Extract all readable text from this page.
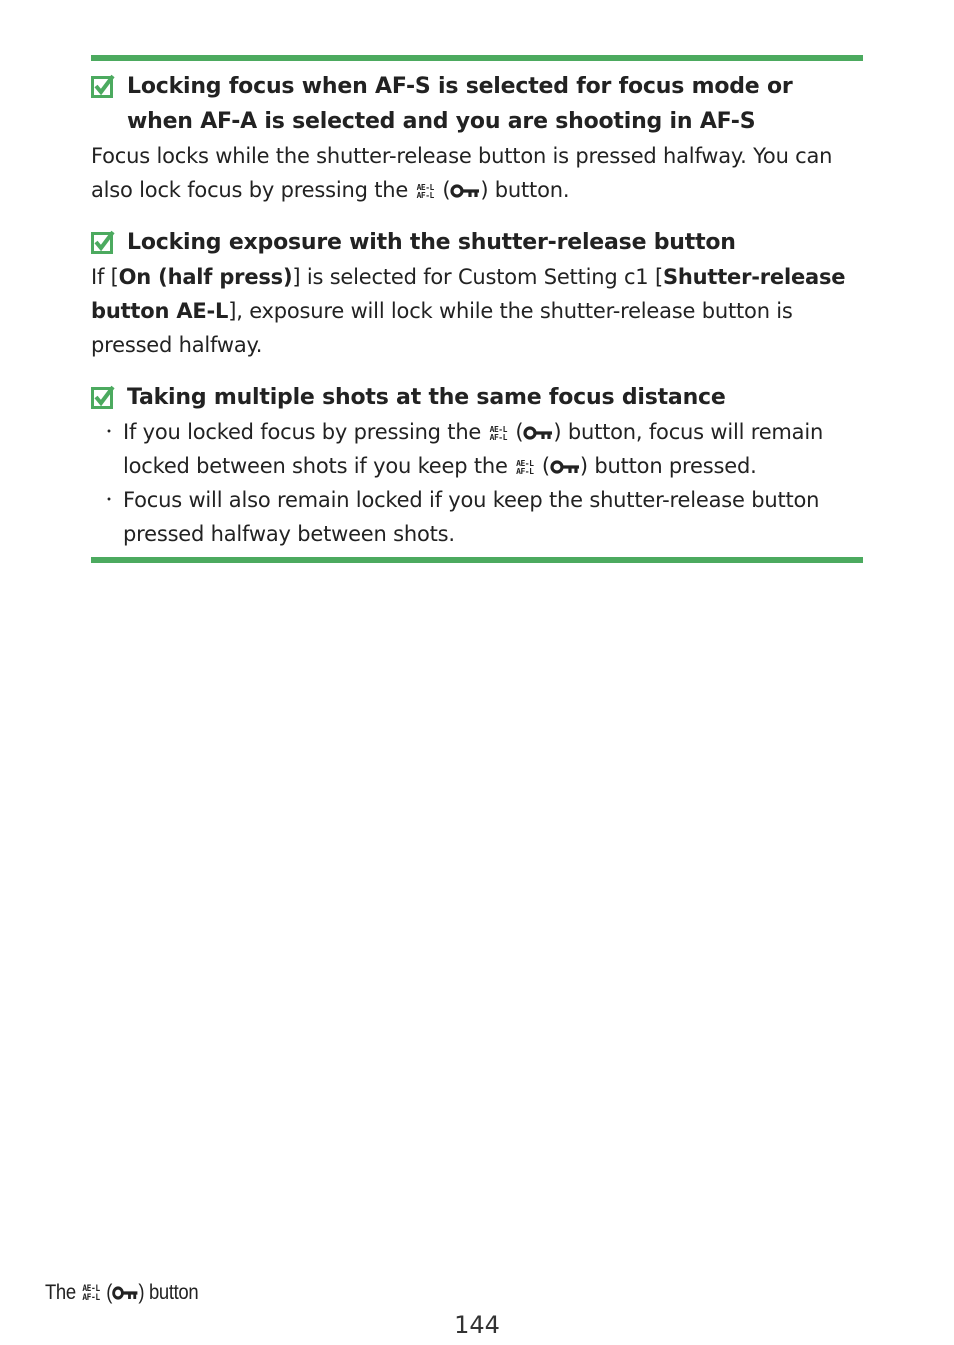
Locking focus when AF-S is selected for focus mode or when AF-A is selected and you are shooting in AF-S

Focus locks while the shutter-release button is pressed halfway. You can also lock focus by pressing the AE-L
AF-L ( ) button.

Locking exposure with the shutter-release button

If [On (half press)] is selected for Custom Setting c1 [Shutter-release button AE-L], exposure will lock while the shutter-release button is pressed halfway.

Taking multiple shots at the same focus distance
・ If you locked focus by pressing the AE-L
AF-L ( ) button, focus will remain locked between shots if you keep the AE-L
AF-L ( ) button pressed.
・ Focus will also remain locked if you keep the shutter-release button pressed halfway between shots.
The AE-L
AF-L ( ) button
144
